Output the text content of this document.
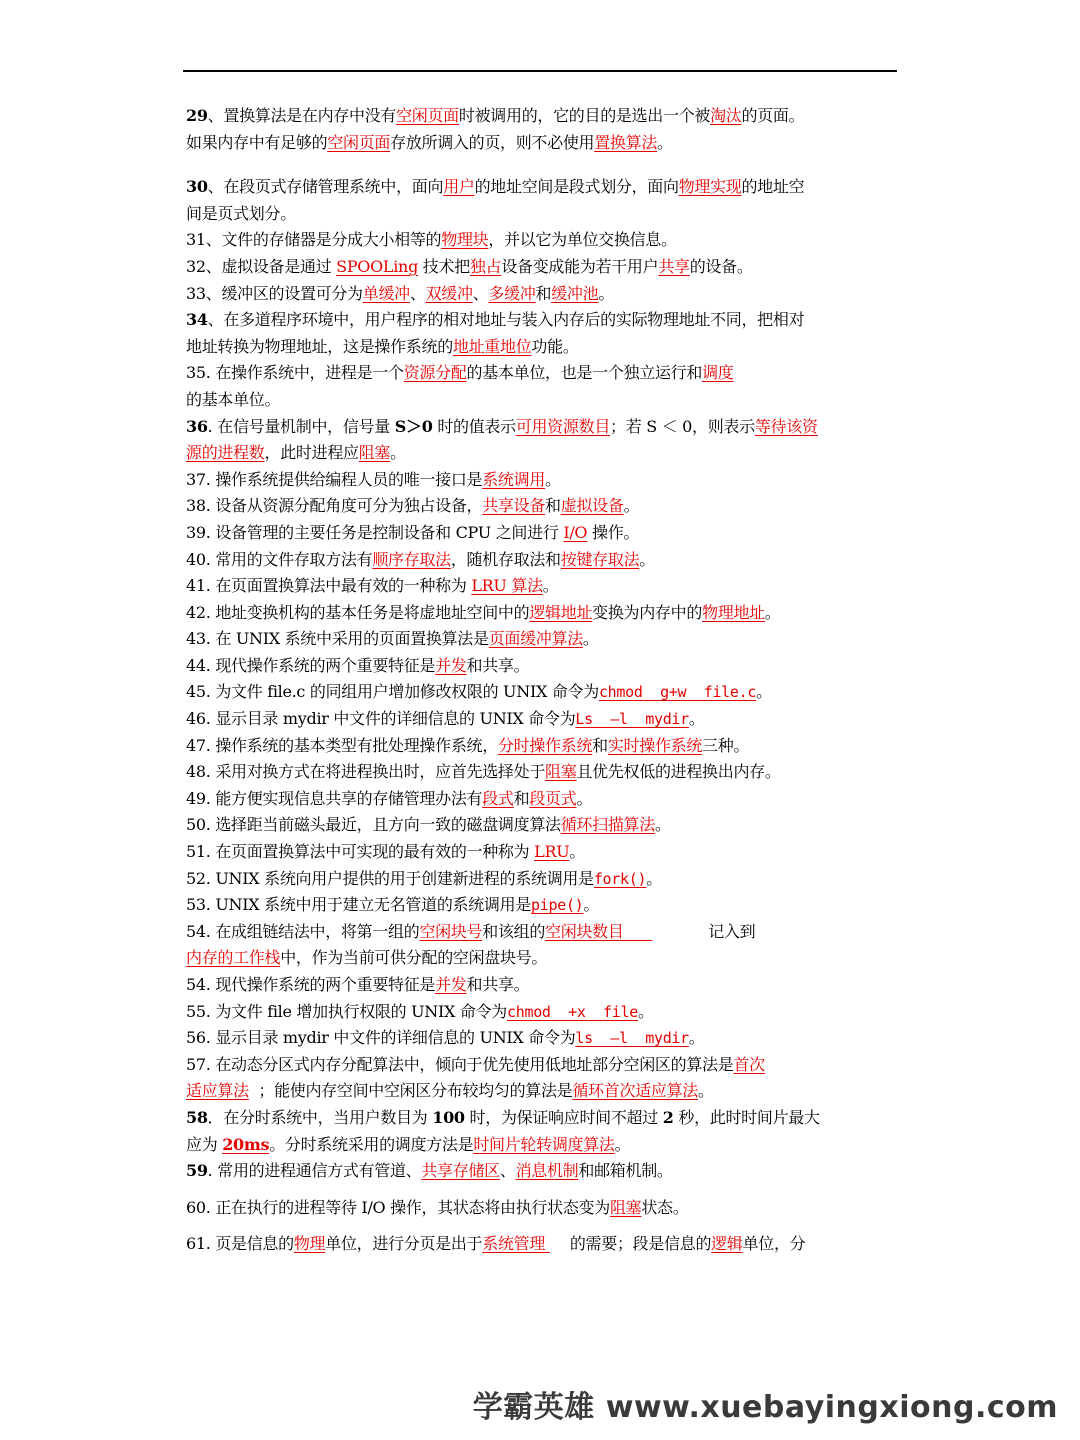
29、置换算法是在内存中没有空闲页面时被调用的，它的目的是选出一个被淘汰的页面。
如果内存中有足够的空闲页面存放所调入的页，则不必使用置换算法。
30、在段页式存储管理系统中，面向用户的地址空间是段式划分，面向物理实现的地址空
间是页式划分。
31、文件的存储器是分成大小相等的物理块，并以它为单位交换信息。
32、虚拟设备是通过 SPOOLing 技术把独占设备变成能为若干用户共享的设备。
33、缓冲区的设置可分为单缓冲、双缓冲、多缓冲和缓冲池。
34、在多道程序环境中，用户程序的相对地址与装入内存后的实际物理地址不同，把相对
地址转换为物理地址，这是操作系统的地址重地位功能。
35. 在操作系统中，进程是一个资源分配的基本单位，也是一个独立运行和调度
的基本单位。
36. 在信号量机制中，信号量 S＞0 时的值表示可用资源数目；若 S ＜ 0，则表示等待该资
源的进程数，此时进程应阻塞。
37. 操作系统提供给编程人员的唯一接口是系统调用。
38. 设备从资源分配角度可分为独占设备，共享设备和虚拟设备。
39. 设备管理的主要任务是控制设备和 CPU 之间进行 I/O 操作。
40. 常用的文件存取方法有顺序存取法，随机存取法和按键存取法。
41. 在页面置换算法中最有效的一种称为 LRU 算法。
42. 地址变换机构的基本任务是将虚地址空间中的逻辑地址变换为内存中的物理地址。
43. 在 UNIX 系统中采用的页面置换算法是页面缓冲算法。
44. 现代操作系统的两个重要特征是并发和共享。
45. 为文件 file.c 的同组用户增加修改权限的 UNIX 命令为chmod  g+w  file.c。
46. 显示目录 mydir 中文件的详细信息的 UNIX 命令为Ls  –l  mydir。
47. 操作系统的基本类型有批处理操作系统，分时操作系统和实时操作系统三种。
48. 采用对换方式在将进程换出时，应首先选择处于阻塞且优先权低的进程换出内存。
49. 能方便实现信息共享的存储管理办法有段式和段页式。
50. 选择距当前磁头最近，且方向一致的磁盘调度算法循环扫描算法。
51. 在页面置换算法中可实现的最有效的一种称为 LRU。
52. UNIX 系统向用户提供的用于创建新进程的系统调用是fork()。
53. UNIX 系统中用于建立无名管道的系统调用是pipe()。
54. 在成组链结法中，将第一组的空闲块号和该组的空闲块数目	记入到
内存的工作栈中，作为当前可供分配的空闲盘块号。
54. 现代操作系统的两个重要特征是并发和共享。
55. 为文件 file 增加执行权限的 UNIX 命令为chmod  +x  file。
56. 显示目录 mydir 中文件的详细信息的 UNIX 命令为ls  –l  mydir。
57. 在动态分区式内存分配算法中，倾向于优先使用低地址部分空闲区的算法是首次
适应算法  ；能使内存空间中空闲区分布较均匀的算法是循环首次适应算法。
58．在分时系统中，当用户数目为 100 时，为保证响应时间不超过 2 秒，此时时间片最大
应为 20ms。分时系统采用的调度方法是时间片轮转调度算法。
59. 常用的进程通信方式有管道、共享存储区、消息机制和邮箱机制。
60. 正在执行的进程等待 I/O 操作，其状态将由执行状态变为阻塞状态。
61. 页是信息的物理单位，进行分页是出于系统管理 的需要；段是信息的逻辑单位，分
学霸英雄 www.xuebayingxiong.com
